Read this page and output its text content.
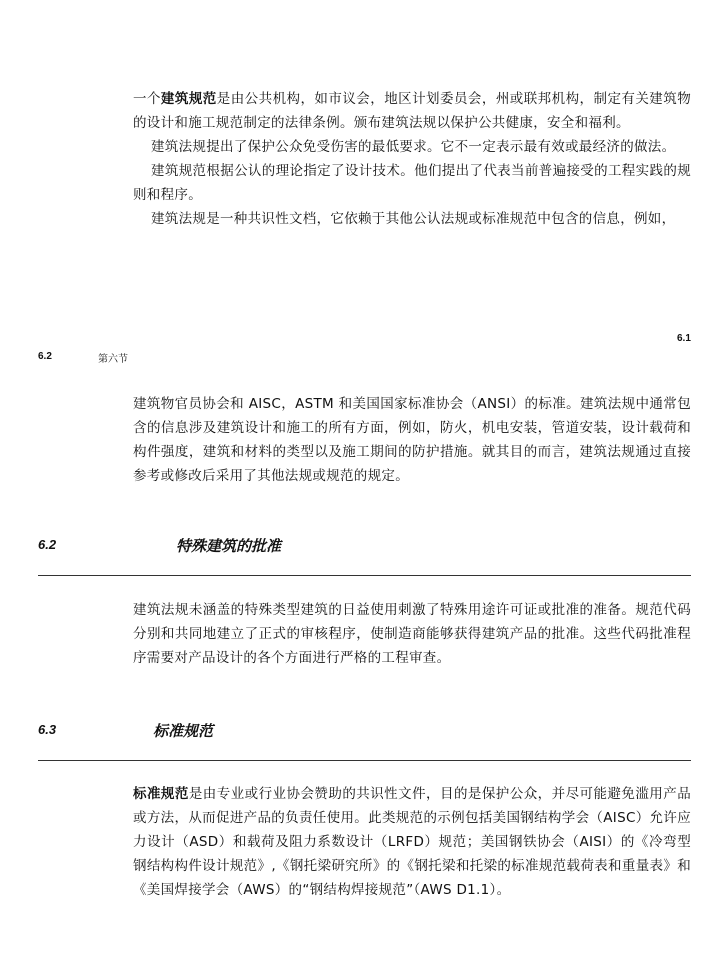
一个建筑规范是由公共机构，如市议会，地区计划委员会，州或联邦机构，制定有关建筑物的设计和施工规范制定的法律条例。颁布建筑法规以保护公共健康，安全和福利。

建筑法规提出了保护公众免受伤害的最低要求。它不一定表示最有效或最经济的做法。

建筑规范根据公认的理论指定了设计技术。他们提出了代表当前普遍接受的工程实践的规则和程序。

建筑法规是一种共识性文档，它依赖于其他公认法规或标准规范中包含的信息，例如，

6.1
6.2	第六节

建筑物官员协会和 AISC，ASTM 和美国国家标准协会（ANSI）的标准。建筑法规中通常包含的信息涉及建筑设计和施工的所有方面，例如，防火，机电安装，管道安装，设计载荷和构件强度，建筑和材料的类型以及施工期间的防护措施。就其目的而言，建筑法规通过直接参考或修改后采用了其他法规或规范的规定。

6.2	特殊建筑的批准

建筑法规未涵盖的特殊类型建筑的日益使用刺激了特殊用途许可证或批准的准备。规范代码分别和共同地建立了正式的审核程序，使制造商能够获得建筑产品的批准。这些代码批准程序需要对产品设计的各个方面进行严格的工程审查。

6.3	标准规范

标准规范是由专业或行业协会赞助的共识性文件，目的是保护公众，并尽可能避免滥用产品或方法，从而促进产品的负责任使用。此类规范的示例包括美国钢结构学会（AISC）允许应力设计（ASD）和载荷及阻力系数设计（LRFD）规范；美国钢铁协会（AISI）的《冷弯型钢结构构件设计规范》,《钢托梁研究所》的《钢托梁和托梁的标准规范载荷表和重量表》和《美国焊接学会（AWS）的“钢结构焊接规范”（AWS D1.1）。
